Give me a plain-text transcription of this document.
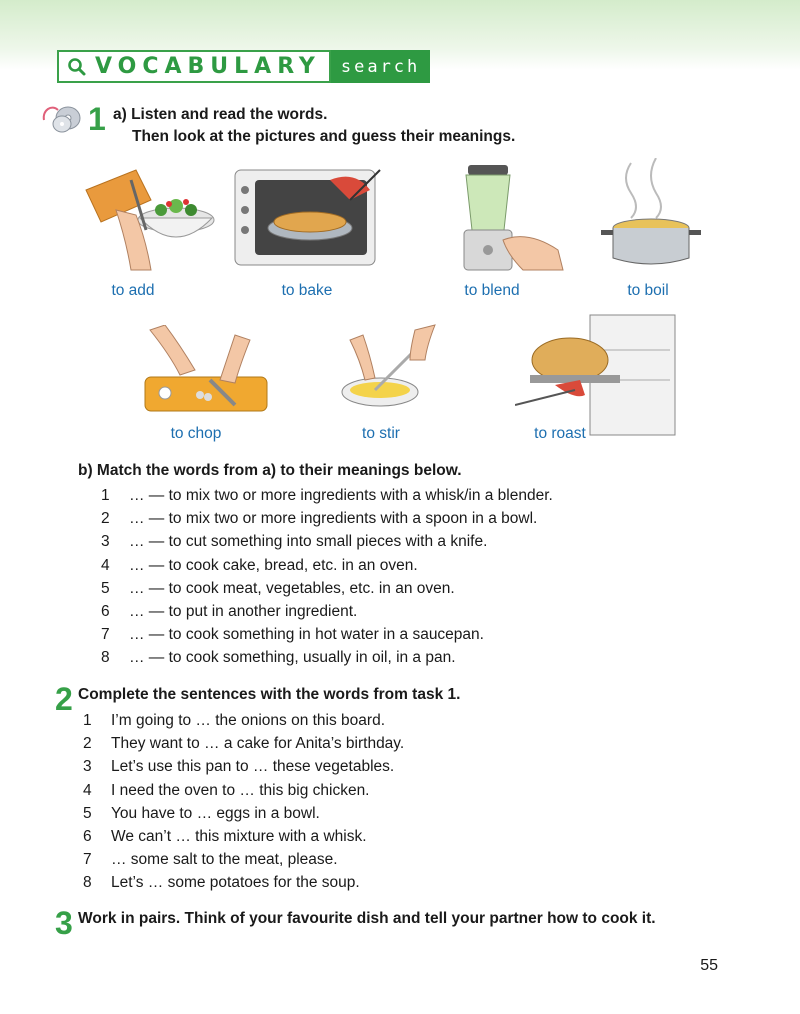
VOCABULARY	search
1 a) Listen and read the words.
Then look at the pictures and guess their meanings.
to add	to bake	to blend	to boil
to chop	to stir	to roast
b) Match the words from a) to their meanings below.
1	… — to mix two or more ingredients with a whisk/in a blender.
2	… — to mix two or more ingredients with a spoon in a bowl.
3	… — to cut something into small pieces with a knife.
4	… — to cook cake, bread, etc. in an oven.
5	… — to cook meat, vegetables, etc. in an oven.
6	… — to put in another ingredient.
7	… — to cook something in hot water in a saucepan.
8	… — to cook something, usually in oil, in a pan.
2 Complete the sentences with the words from task 1.
1	I’m going to … the onions on this board.
2	They want to … a cake for Anita’s birthday.
3	Let’s use this pan to … these vegetables.
4	I need the oven to … this big chicken.
5	You have to … eggs in a bowl.
6	We can’t … this mixture with a whisk.
7	… some salt to the meat, please.
8	Let’s … some potatoes for the soup.
3 Work in pairs. Think of your favourite dish and tell your partner how to cook it.
55
